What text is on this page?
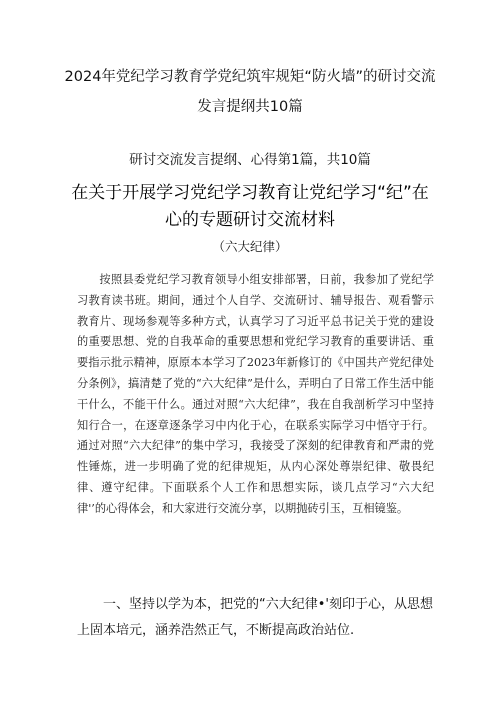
2024年党纪学习教育学党纪筑牢规矩“防火墙”的研讨交流发言提纲共10篇
研讨交流发言提纲、心得第1篇，共10篇
在关于开展学习党纪学习教育让党纪学习“纪”在心的专题研讨交流材料
（六大纪律）

按照县委党纪学习教育领导小组安排部署，日前，我参加了党纪学习教育读书班。期间，通过个人自学、交流研讨、辅导报告、观看警示教育片、现场参观等多种方式，认真学习了习近平总书记关于党的建设的重要思想、党的自我革命的重要思想和党纪学习教育的重要讲话、重要指示批示精神，原原本本学习了2023年新修订的《中国共产党纪律处分条例》，搞清楚了党的“六大纪律”是什么，弄明白了日常工作生活中能干什么，不能干什么。通过对照“六大纪律”，我在自我剖析学习中坚持知行合一，在逐章逐条学习中内化于心，在联系实际学习中悟守于行。通过对照“六大纪律”的集中学习，我接受了深刻的纪律教育和严肃的党性锤炼，进一步明确了党的纪律规矩，从内心深处尊崇纪律、敬畏纪律、遵守纪律。下面联系个人工作和思想实际，谈几点学习“六大纪律'’的心得体会，和大家进行交流分享，以期抛砖引玉，互相镜鉴。

一、坚持以学为本，把党的“六大纪律•'刻印于心，从思想上固本培元，涵养浩然正气，不断提高政治站位.
